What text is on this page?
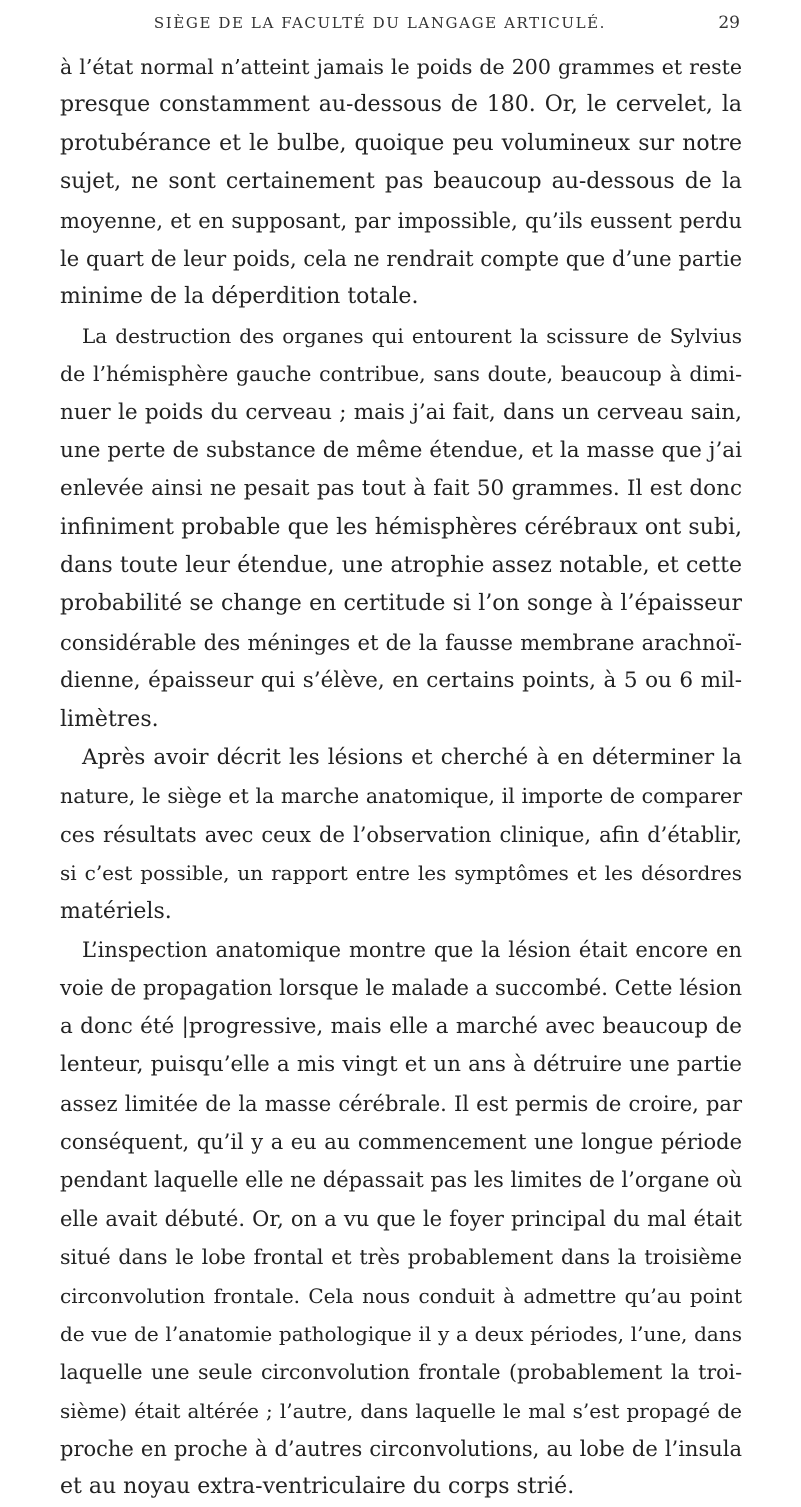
SIÈGE DE LA FACULTÉ DU LANGAGE ARTICULÉ.	29
à l’état normal n’atteint jamais le poids de 200 grammes et reste
presque constamment au-dessous de 180. Or, le cervelet, la
protubérance et le bulbe, quoique peu volumineux sur notre
sujet, ne sont certainement pas beaucoup au-dessous de la
moyenne, et en supposant, par impossible, qu’ils eussent perdu
le quart de leur poids, cela ne rendrait compte que d’une partie
minime de la déperdition totale.
La destruction des organes qui entourent la scissure de Sylvius
de l’hémisphère gauche contribue, sans doute, beaucoup à dimi-
nuer le poids du cerveau ; mais j’ai fait, dans un cerveau sain,
une perte de substance de même étendue, et la masse que j’ai
enlevée ainsi ne pesait pas tout à fait 50 grammes. Il est donc
infiniment probable que les hémisphères cérébraux ont subi,
dans toute leur étendue, une atrophie assez notable, et cette
probabilité se change en certitude si l’on songe à l’épaisseur
considérable des méninges et de la fausse membrane arachnoï-
dienne, épaisseur qui s’élève, en certains points, à 5 ou 6 mil-
limètres.
Après avoir décrit les lésions et cherché à en déterminer la
nature, le siège et la marche anatomique, il importe de comparer
ces résultats avec ceux de l’observation clinique, afin d’établir,
si c’est possible, un rapport entre les symptômes et les désordres
matériels.
L’inspection anatomique montre que la lésion était encore en
voie de propagation lorsque le malade a succombé. Cette lésion
a donc été |progressive, mais elle a marché avec beaucoup de
lenteur, puisqu’elle a mis vingt et un ans à détruire une partie
assez limitée de la masse cérébrale. Il est permis de croire, par
conséquent, qu’il y a eu au commencement une longue période
pendant laquelle elle ne dépassait pas les limites de l’organe où
elle avait débuté. Or, on a vu que le foyer principal du mal était
situé dans le lobe frontal et très probablement dans la troisième
circonvolution frontale. Cela nous conduit à admettre qu’au point
de vue de l’anatomie pathologique il y a deux périodes, l’une, dans
laquelle une seule circonvolution frontale (probablement la troi-
sième) était altérée ; l’autre, dans laquelle le mal s’est propagé de
proche en proche à d’autres circonvolutions, au lobe de l’insula
et au noyau extra-ventriculaire du corps strié.
